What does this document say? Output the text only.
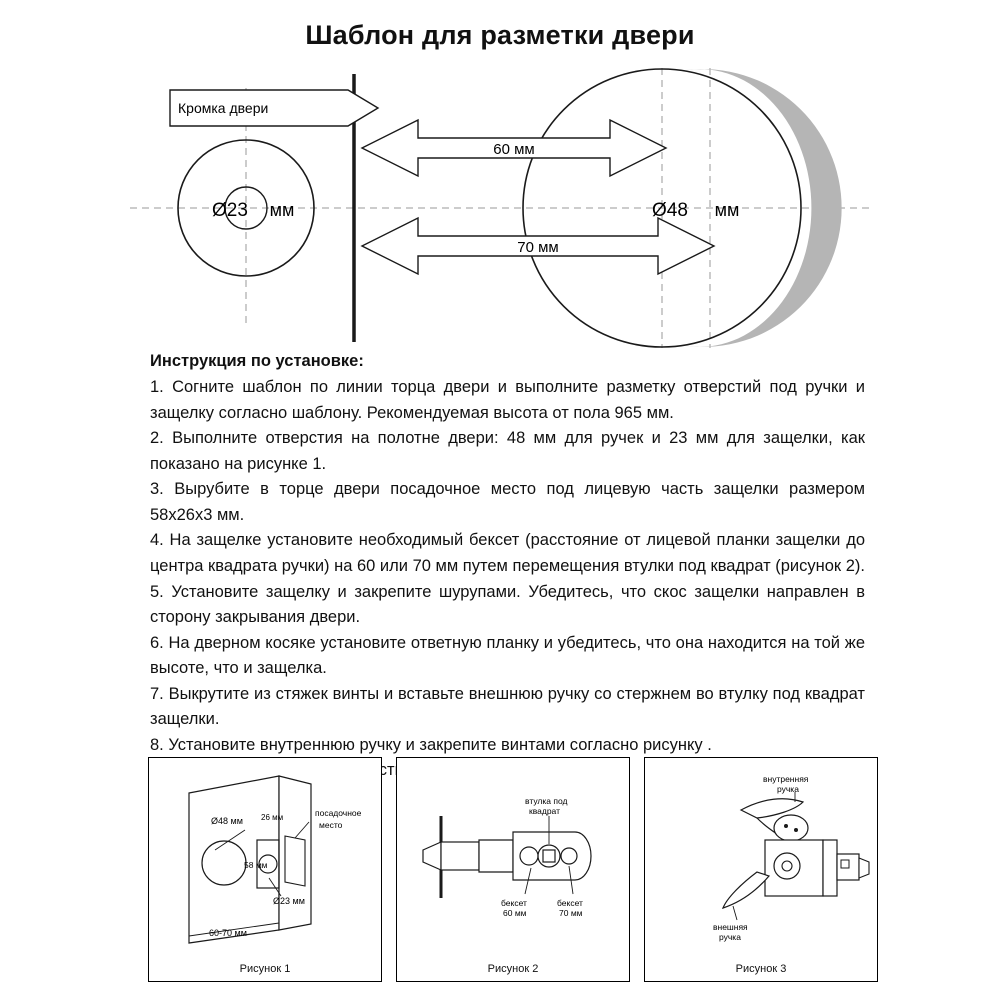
Шаблон для разметки двери
Ø23 мм	Ø48 мм
Кромка двери
60 мм
70 мм
Инструкция по установке:

1. Согните шаблон по линии торца двери и выполните разметку отверстий под ручки и защелку согласно шаблону. Рекомендуемая высота от пола 965 мм.

2. Выполните отверстия на полотне двери: 48 мм для ручек и 23 мм для защелки, как показано на рисунке 1.

3. Вырубите в торце двери посадочное место под лицевую часть защелки размером 58x26x3 мм.

4. На защелке установите необходимый бексет (расстояние от лицевой планки защелки до центра квадрата ручки) на 60 или 70 мм путем перемещения втулки под квадрат (рисунок 2).

5. Установите защелку и закрепите шурупами. Убедитесь, что скос защелки направлен в сторону закрывания двери.

6. На дверном косяке установите ответную планку и убедитесь, что она находится на той же высоте, что и защелка.

7. Выкрутите из стяжек винты и вставьте внешнюю ручку со стержнем во втулку под квадрат защелки.

8. Установите внутреннюю ручку и закрепите винтами согласно рисунку .

Ø48 мм 26 мм	посадочное
место
Ø23 мм
58 мм
60-70 мм
Рисунок 1
втулка под
квадрат
бексет
60 мм
бексет
70 мм
Рисунок 2
внутренняя
ручка
внешняя
ручка
Рисунок 3
